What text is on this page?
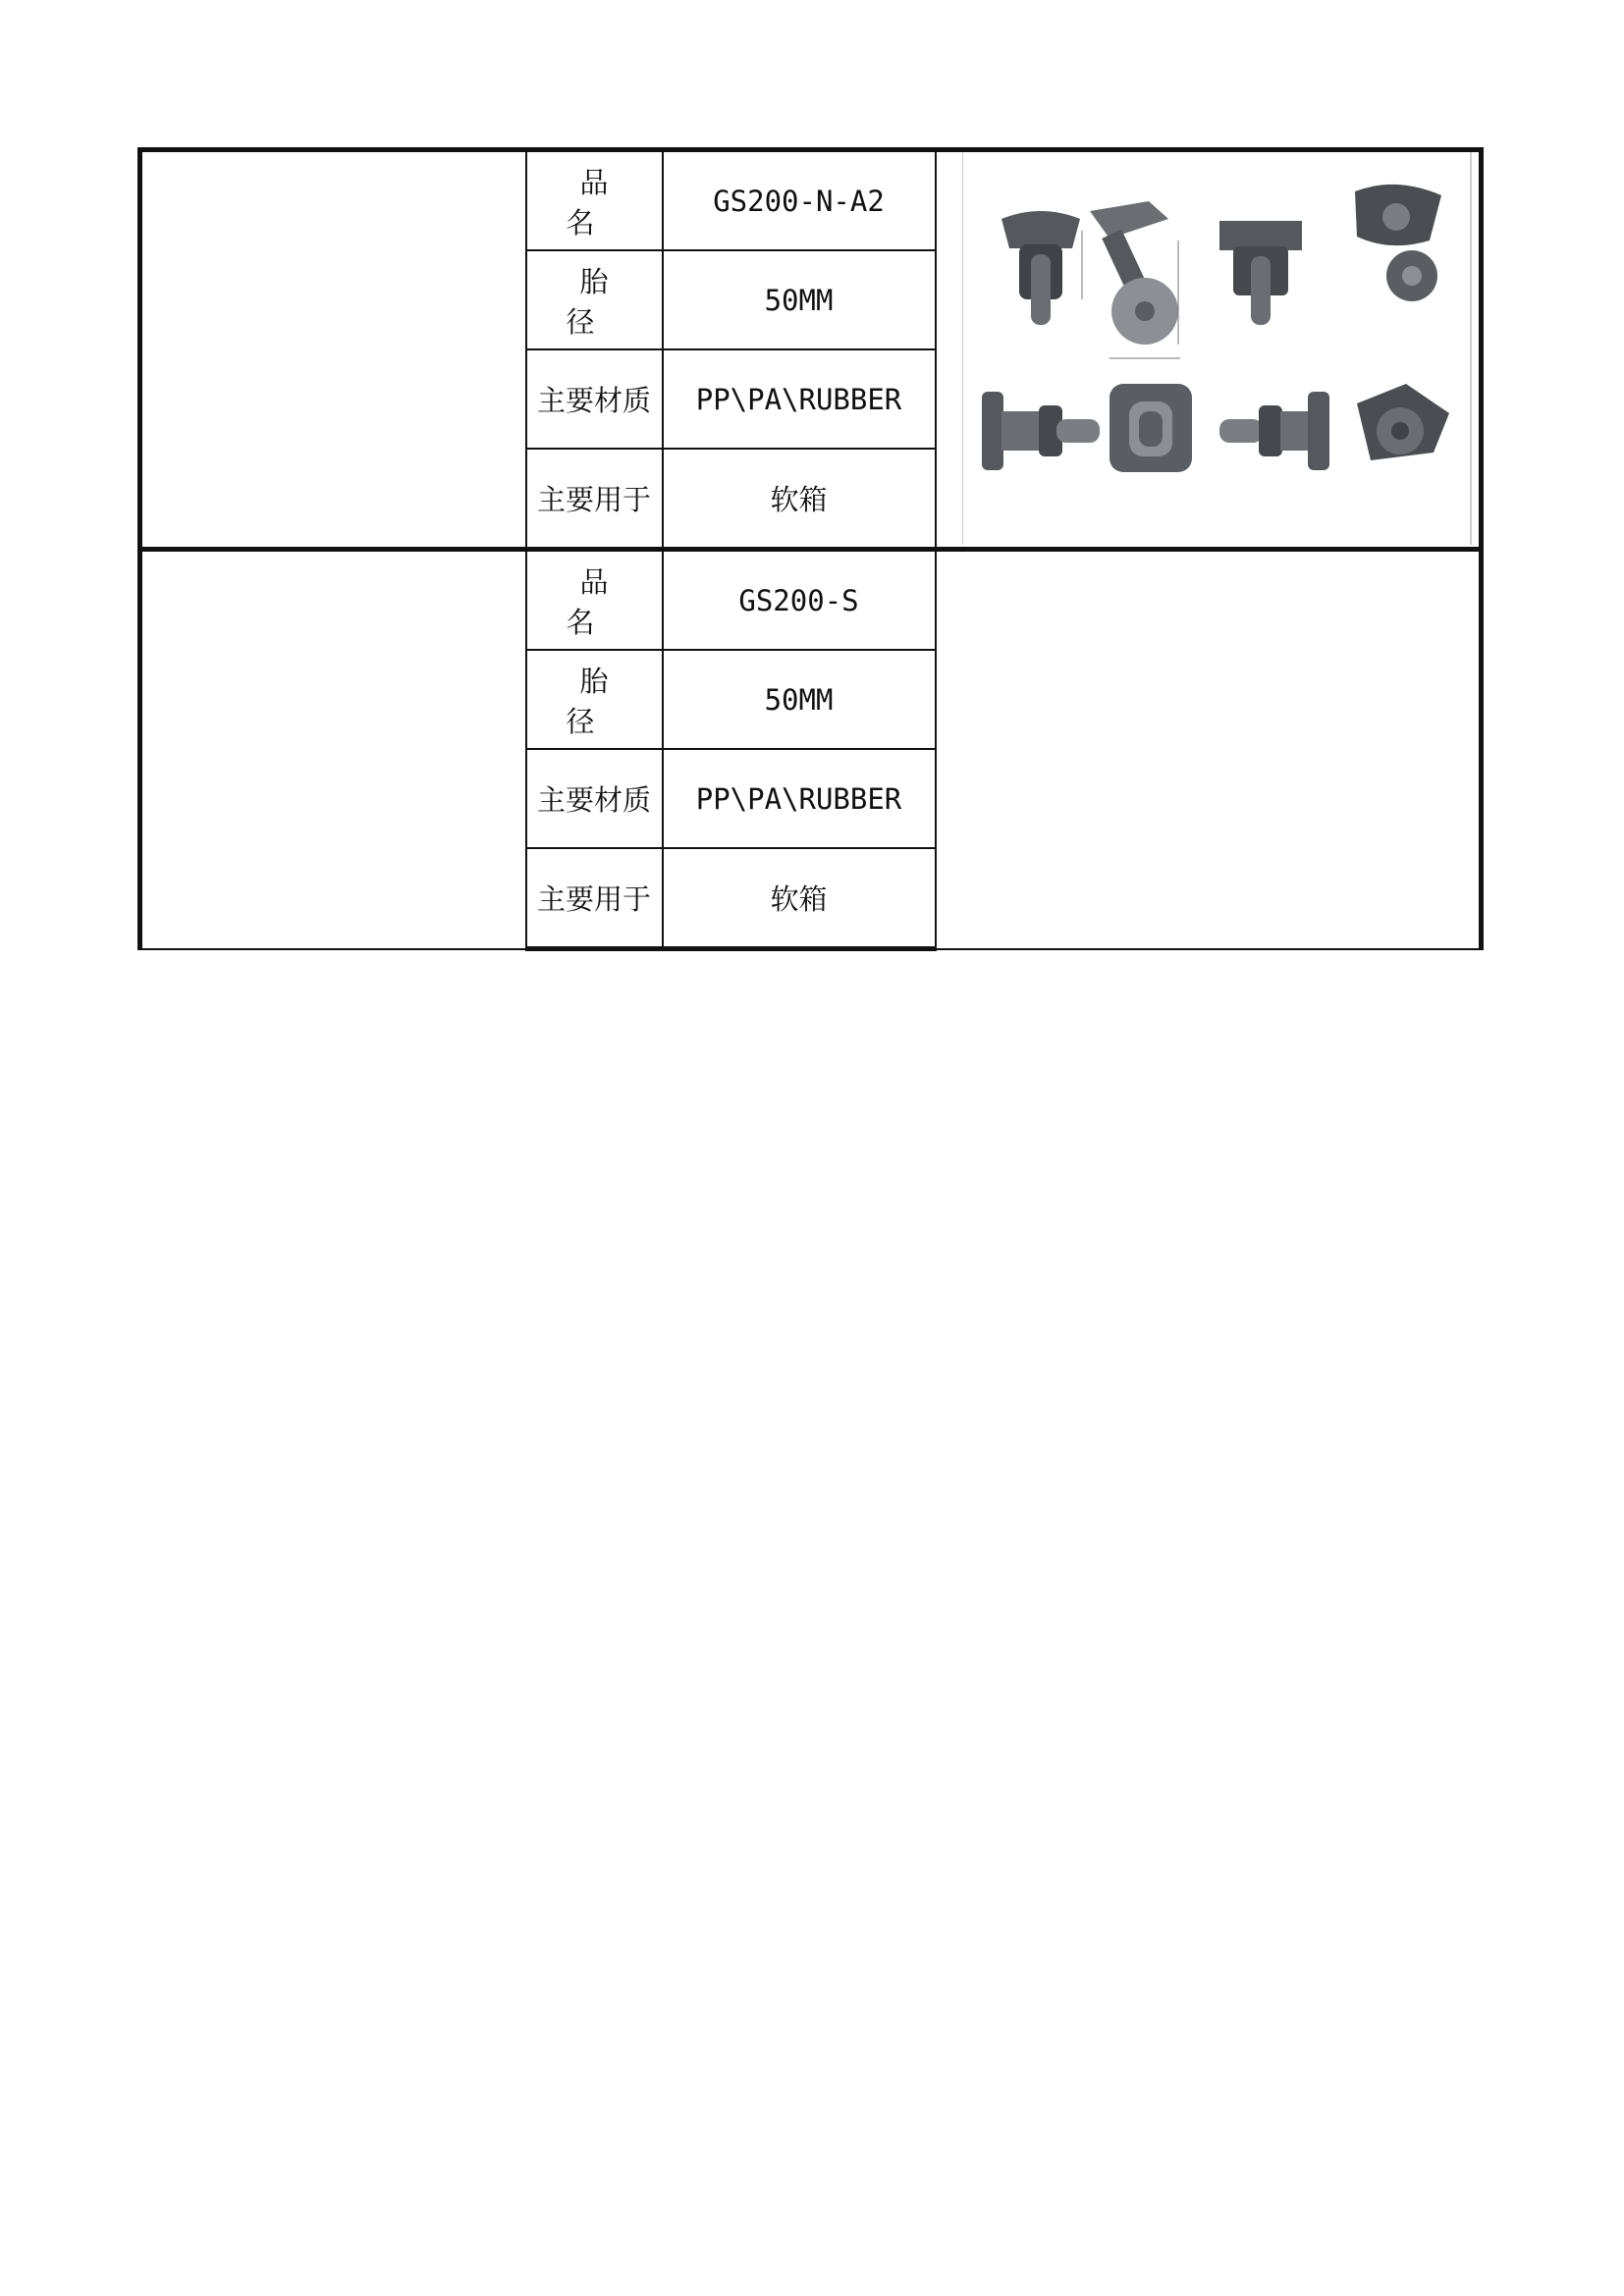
	品 名	GS200-N-A2	

	胎 径	50MM	
	主要材质	PP\PA\RUBBER	
	主要用于	软箱	
	品 名	GS200-S	
	胎 径	50MM	
	主要材质	PP\PA\RUBBER	
	主要用于	软箱	
